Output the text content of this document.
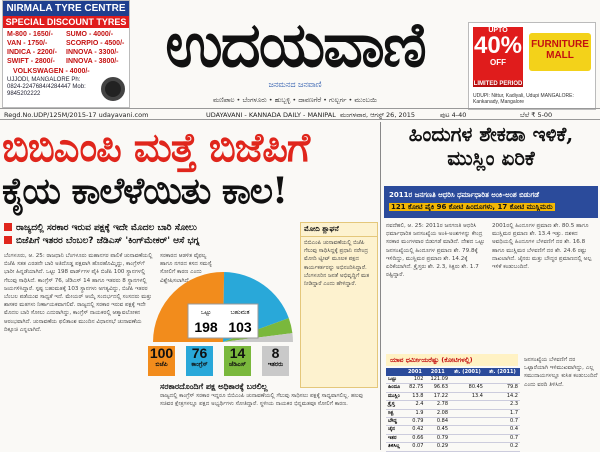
NIRMALA TYRE CENTRE
SPECIAL DISCOUNT TYRES
M-800 - 1650/-	SUMO - 4000/-
VAN - 1750/-	SCORPIO - 4500/-
INDICA - 2200/-	INNOVA - 3300/-
SWIFT - 2800/-	INNOVA - 3800/-
VOLKSWAGEN - 4000/-
UJJODI, MANGALORE Ph: 0824-2247684/4284447 Mob: 9845202222
ಉದಯವಾಣಿ
ಜನಮನದ ಜನವಾಣಿ
ಮಣಿಪಾಲ • ಬೆಂಗಳೂರು • ಹುಬ್ಬಳ್ಳಿ • ದಾವಣಗೆರೆ • ಗುಲ್ಬರ್ಗ • ಮುಂಬಯಿ
UPTO
40%
OFF
FURNITURE MALL
LIMITED PERIOD
UDUPI: Nittur, Kadiyali, Udupi MANGALORE: Kankanady, Mangalore
Regd.No.UDP/125M/2015-17 udayavani.com	UDAYAVANI - KANNADA DAILY - MANIPAL ಮಂಗಳವಾರ, ಆಗಸ್ಟ್ 26, 2015	ಪುಟ 4-40	ಬೆಲೆ ₹ 5-00
ಬಿಬಿಎಂಪಿ ಮತ್ತೆ ಬಿಜೆಪಿಗೆ
ಕೈಯ ಕಾಲೆಳೆಯಿತು ಕಾಲ!
ರಾಜ್ಯದಲ್ಲಿ ಸರಕಾರ ಇರುವ ಪಕ್ಷಕ್ಕೆ ಇದೇ ಮೊದಲ ಬಾರಿ ಸೋಲು
ಬಿಜೆಪಿಗೆ ಇತರರ ಬೆಂಬಲ? ಜೆಡಿಎಸ್ 'ಕಿಂಗ್‌ಮೇಕರ್' ಆಸೆ ಭಗ್ನ
ಬೆಂಗಳೂರು, ಆ. 25: ರಾಜಧಾನಿ ಬೆಂಗಳೂರು ಮಹಾನಗರ ಪಾಲಿಕೆ ಚುನಾವಣೆಯಲ್ಲಿ ಬಿಜೆಪಿ ಸತತ ಎರಡನೇ ಬಾರಿ ಅತಿದೊಡ್ಡ ಪಕ್ಷವಾಗಿ ಹೊರಹೊಮ್ಮಿದ್ದು, ಕಾಂಗ್ರೆಸ್‌ಗೆ ಭಾರೀ ಹಿನ್ನಡೆಯಾಗಿದೆ. ಒಟ್ಟು 198 ವಾರ್ಡ್‌ಗಳ ಪೈಕಿ ಬಿಜೆಪಿ 100 ಸ್ಥಾನಗಳಲ್ಲಿ ಗೆಲುವು ಸಾಧಿಸಿದೆ. ಕಾಂಗ್ರೆಸ್ 76, ಜೆಡಿಎಸ್ 14 ಹಾಗೂ ಇತರರು 8 ಸ್ಥಾನಗಳಲ್ಲಿ ಜಯಗಳಿಸಿದ್ದಾರೆ. ಸ್ಪಷ್ಟ ಬಹುಮತಕ್ಕೆ 103 ಸ್ಥಾನಗಳು ಅಗತ್ಯವಿದ್ದು, ಬಿಜೆಪಿ ಇತರರ ಬೆಂಬಲ ಪಡೆಯುವ ಸಾಧ್ಯತೆ ಇದೆ. ಮೇಯರ್ ಆಯ್ಕೆ ಸಂದರ್ಭದಲ್ಲಿ ಸಂಸದರು ಮತ್ತು ಶಾಸಕರ ಮತಗಳು ನಿರ್ಣಾಯಕವಾಗಲಿವೆ. ರಾಜ್ಯದಲ್ಲಿ ಸರಕಾರ ಇರುವ ಪಕ್ಷಕ್ಕೆ ಇದೇ ಮೊದಲ ಬಾರಿ ಸೋಲು ಎದುರಾಗಿದ್ದು, ಕಾಂಗ್ರೆಸ್ ನಾಯಕರಲ್ಲಿ ಆತ್ಮಾವಲೋಕನ ಆರಂಭವಾಗಿದೆ. ಚುನಾವಣೆಯ ಫಲಿತಾಂಶ ಮುಂದಿನ ವಿಧಾನಸಭೆ ಚುನಾವಣೆಯ ದಿಕ್ಸೂಚಿ ಎನ್ನಲಾಗಿದೆ.
ಸರಕಾರದ ಆಡಳಿತ ವೈಫಲ್ಯ ಹಾಗೂ ನಗರದ ಕಸದ ಸಮಸ್ಯೆ ಸೋಲಿಗೆ ಕಾರಣ ಎಂದು ವಿಶ್ಲೇಷಿಸಲಾಗಿದೆ.
ಒಟ್ಟು
198
ಬಹುಮತ
103
100
ಬಿಜೆಪಿ
76
ಕಾಂಗ್ರೆಸ್
14
ಜೆಡಿಎಸ್
8
ಇತರರು
ಮೋದಿ ಶ್ಲಾಘನೆ
ಬಿಬಿಎಂಪಿ ಚುನಾವಣೆಯಲ್ಲಿ ಬಿಜೆಪಿ ಗೆಲುವು ಸಾಧಿಸಿದ್ದಕ್ಕೆ ಪ್ರಧಾನಿ ನರೇಂದ್ರ ಮೋದಿ ಟ್ವೀಟ್ ಮೂಲಕ ಪಕ್ಷದ ಕಾರ್ಯಕರ್ತರನ್ನು ಅಭಿನಂದಿಸಿದ್ದಾರೆ. ಬೆಂಗಳೂರಿನ ಜನತೆ ಅಭಿವೃದ್ಧಿಗೆ ಮತ ನೀಡಿದ್ದಾರೆ ಎಂದು ಹೇಳಿದ್ದಾರೆ.
ಸರಕಾರದೊಂದಿಗೆ ಪಕ್ಷ ಅಧಿಕಾರಕ್ಕೆ ಬರಲಿಲ್ಲ
ರಾಜ್ಯದಲ್ಲಿ ಕಾಂಗ್ರೆಸ್ ಸರಕಾರ ಇದ್ದರೂ ಬಿಬಿಎಂಪಿ ಚುನಾವಣೆಯಲ್ಲಿ ಗೆಲುವು ಸಾಧಿಸಲು ಪಕ್ಷಕ್ಕೆ ಸಾಧ್ಯವಾಗಲಿಲ್ಲ. ಹಲವು ಸಚಿವರ ಕ್ಷೇತ್ರಗಳಲ್ಲೂ ಪಕ್ಷದ ಅಭ್ಯರ್ಥಿಗಳು ಸೋತಿದ್ದಾರೆ. ಸ್ಥಳೀಯ ನಾಯಕರ ಭಿನ್ನಮತವೂ ಸೋಲಿಗೆ ಕಾರಣ.
ಹಿಂದುಗಳ ಶೇಕಡಾ ಇಳಿಕೆ, ಮುಸ್ಲಿಂ ಏರಿಕೆ
2011ರ ಜನಗಣತಿ ಆಧರಿಸಿ ಧರ್ಮಾಧಾರಿತ ಅಂಕಿ-ಅಂಶ ಬಿಡುಗಡೆ
121 ಕೋಟಿ ಪೈಕಿ 96 ಕೋಟಿ ಹಿಂದೂಗಳು, 17 ಕೋಟಿ ಮುಸ್ಲಿಮರು
ನವದೆಹಲಿ, ಆ. 25: 2011ರ ಜನಗಣತಿ ಆಧರಿಸಿ ಧರ್ಮಾಧಾರಿತ ಜನಸಂಖ್ಯೆಯ ಅಂಕಿ-ಅಂಶಗಳನ್ನು ಕೇಂದ್ರ ಸರಕಾರ ಮಂಗಳವಾರ ಬಿಡುಗಡೆ ಮಾಡಿದೆ. ದೇಶದ ಒಟ್ಟು ಜನಸಂಖ್ಯೆಯಲ್ಲಿ ಹಿಂದೂಗಳ ಪ್ರಮಾಣ ಶೇ. 79.8ಕ್ಕೆ ಇಳಿದಿದ್ದು, ಮುಸ್ಲಿಮರ ಪ್ರಮಾಣ ಶೇ. 14.2ಕ್ಕೆ ಏರಿಕೆಯಾಗಿದೆ. ಕ್ರೈಸ್ತರು ಶೇ. 2.3, ಸಿಕ್ಖರು ಶೇ. 1.7 ರಷ್ಟಿದ್ದಾರೆ.
2001ರಲ್ಲಿ ಹಿಂದೂಗಳ ಪ್ರಮಾಣ ಶೇ. 80.5 ಹಾಗೂ ಮುಸ್ಲಿಮರ ಪ್ರಮಾಣ ಶೇ. 13.4 ಇತ್ತು. ದಶಕದ ಅವಧಿಯಲ್ಲಿ ಹಿಂದೂಗಳ ಬೆಳವಣಿಗೆ ದರ ಶೇ. 16.8 ಹಾಗೂ ಮುಸ್ಲಿಮರ ಬೆಳವಣಿಗೆ ದರ ಶೇ. 24.6 ರಷ್ಟು ದಾಖಲಾಗಿದೆ. ಜೈನರು ಮತ್ತು ಬೌದ್ಧರ ಪ್ರಮಾಣದಲ್ಲಿ ಅಲ್ಪ ಇಳಿಕೆ ಕಂಡುಬಂದಿದೆ.
ಜನಸಂಖ್ಯೆಯ ಬೆಳವಣಿಗೆ ದರ ಒಟ್ಟಾರೆಯಾಗಿ ಇಳಿಮುಖವಾಗಿದ್ದು, ಎಲ್ಲ ಸಮುದಾಯಗಳಲ್ಲೂ ಕುಸಿತ ಕಂಡುಬಂದಿದೆ ಎಂದು ವರದಿ ತಿಳಿಸಿದೆ.
ಯಾವ ಧರ್ಮೀಯರೆಷ್ಟು (ಕೋಟಿಗಳಲ್ಲಿ)
	2001	2011	ಶೇ. (2001)	ಶೇ. (2011)
ಒಟ್ಟು	102	121.09		
ಹಿಂದೂ	82.75	96.63	80.45	79.8
ಮುಸ್ಲಿಂ	13.8	17.22	13.4	14.2
ಕ್ರೈಸ್ತ	2.4	2.78		2.3
ಸಿಕ್ಖ	1.9	2.08		1.7
ಬೌದ್ಧ	0.79	0.84		0.7
ಜೈನ	0.42	0.45		0.4
ಇತರ	0.66	0.79		0.7
ತಿಳಿಸಿಲ್ಲ	0.07	0.29		0.2
